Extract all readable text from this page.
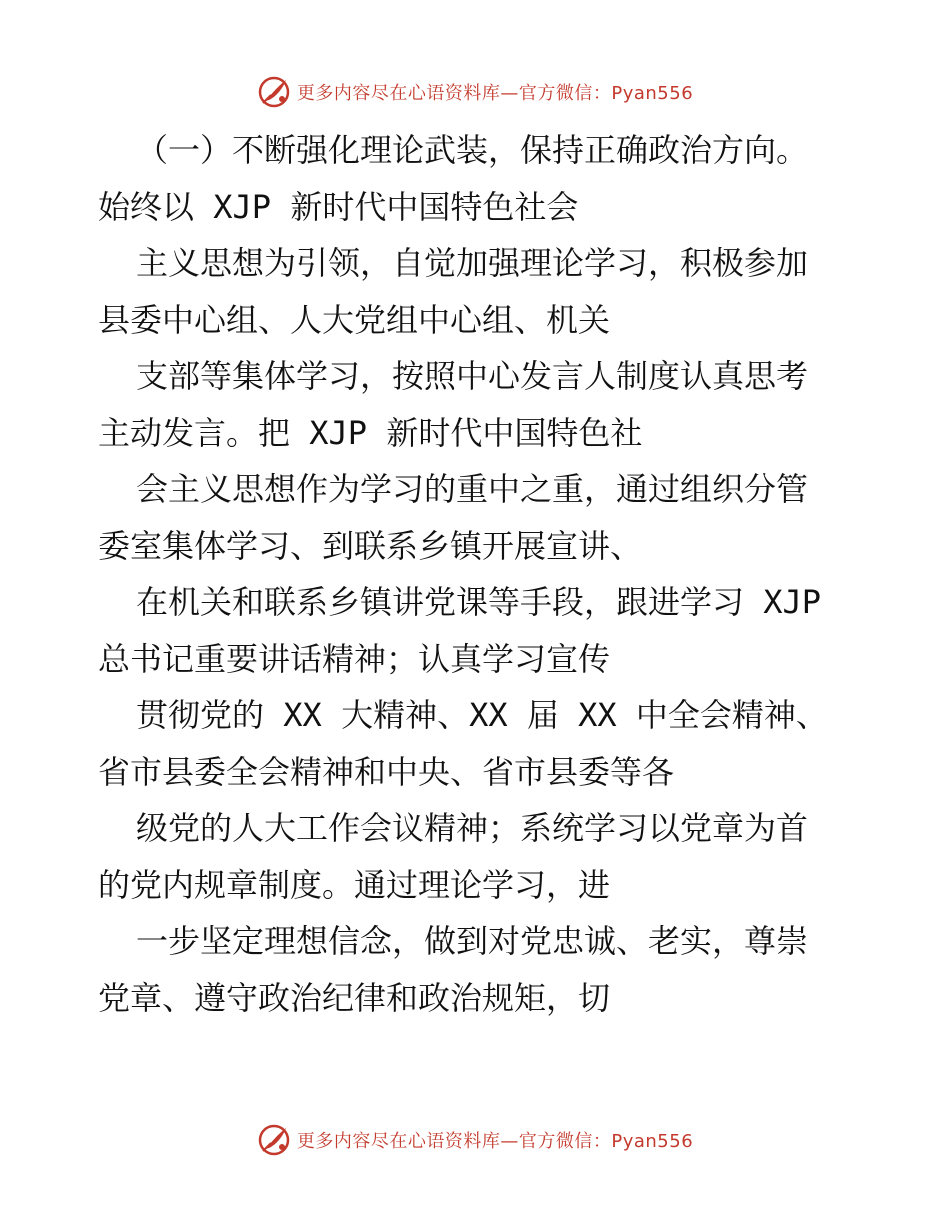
更多内容尽在心语资料库—官方微信：Pyan556

（一）不断强化理论武装，保持正确政治方向。

始终以 XJP 新时代中国特色社会

主义思想为引领，自觉加强理论学习，积极参加

县委中心组、人大党组中心组、机关

支部等集体学习，按照中心发言人制度认真思考

主动发言。把 XJP 新时代中国特色社

会主义思想作为学习的重中之重，通过组织分管

委室集体学习、到联系乡镇开展宣讲、

在机关和联系乡镇讲党课等手段，跟进学习 XJP

总书记重要讲话精神；认真学习宣传

贯彻党的 XX 大精神、XX 届 XX 中全会精神、

省市县委全会精神和中央、省市县委等各

级党的人大工作会议精神；系统学习以党章为首

的党内规章制度。通过理论学习，进

一步坚定理想信念，做到对党忠诚、老实，尊崇

党章、遵守政治纪律和政治规矩，切

更多内容尽在心语资料库—官方微信：Pyan556
